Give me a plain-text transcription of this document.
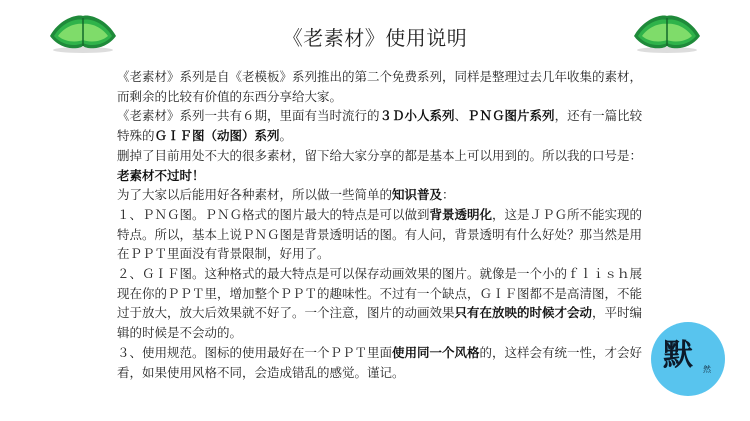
《老素材》使用说明

《老素材》系列是自《老模板》系列推出的第二个免费系列，同样是整理过去几年收集的素材，而剩余的比较有价值的东西分享给大家。

《老素材》系列一共有６期，里面有当时流行的３Ｄ小人系列、ＰＮＧ图片系列，还有一篇比较特殊的ＧＩＦ图（动图）系列。

删掉了目前用处不大的很多素材，留下给大家分享的都是基本上可以用到的。所以我的口号是：

老素材不过时！

为了大家以后能用好各种素材，所以做一些简单的知识普及：

１、ＰＮＧ图。ＰＮＧ格式的图片最大的特点是可以做到背景透明化，这是ＪＰＧ所不能实现的特点。所以，基本上说ＰＮＧ图是背景透明话的图。有人问，背景透明有什么好处？那当然是用在ＰＰＴ里面没有背景限制，好用了。

２、ＧＩＦ图。这种格式的最大特点是可以保存动画效果的图片。就像是一个小的ｆｌｉｓｈ展现在你的ＰＰＴ里，增加整个ＰＰＴ的趣味性。不过有一个缺点，ＧＩＦ图都不是高清图，不能过于放大，放大后效果就不好了。一个注意，图片的动画效果只有在放映的时候才会动，平时编辑的时候是不会动的。

３、使用规范。图标的使用最好在一个ＰＰＴ里面使用同一个风格的，这样会有统一性，才会好看，如果使用风格不同，会造成错乱的感觉。谨记。	默 然
